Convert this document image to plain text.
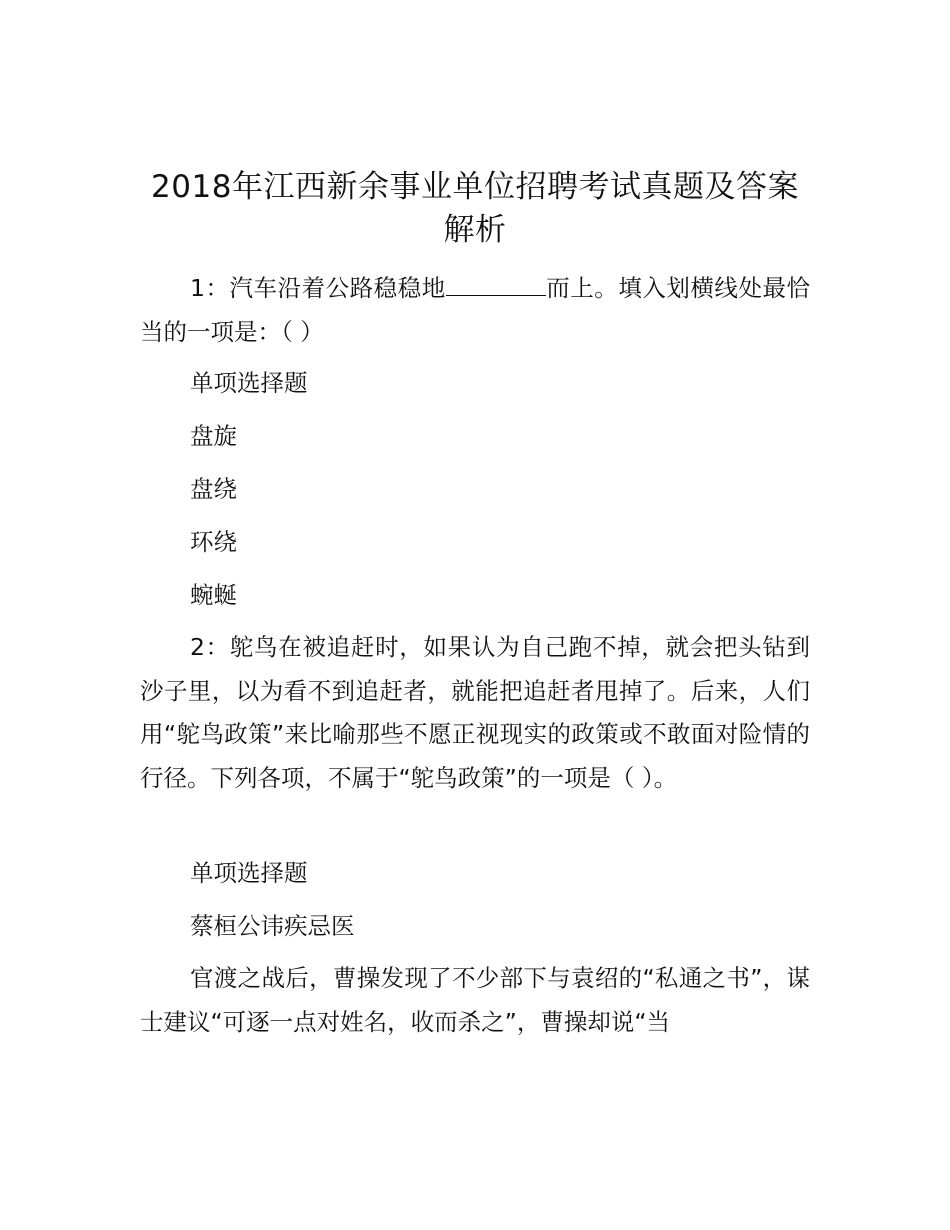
2018年江西新余事业单位招聘考试真题及答案解析

1：汽车沿着公路稳稳地	而上。填入划横线处最恰当的一项是：（ ）

单项选择题

盘旋

盘绕

环绕

蜿蜒

2：鸵鸟在被追赶时，如果认为自己跑不掉，就会把头钻到沙子里，以为看不到追赶者，就能把追赶者甩掉了。后来，人们用“鸵鸟政策”来比喻那些不愿正视现实的政策或不敢面对险情的行径。下列各项，不属于“鸵鸟政策”的一项是（ ）。

单项选择题

蔡桓公讳疾忌医

官渡之战后，曹操发现了不少部下与袁绍的“私通之书”，谋士建议“可逐一点对姓名，收而杀之”，曹操却说“当
